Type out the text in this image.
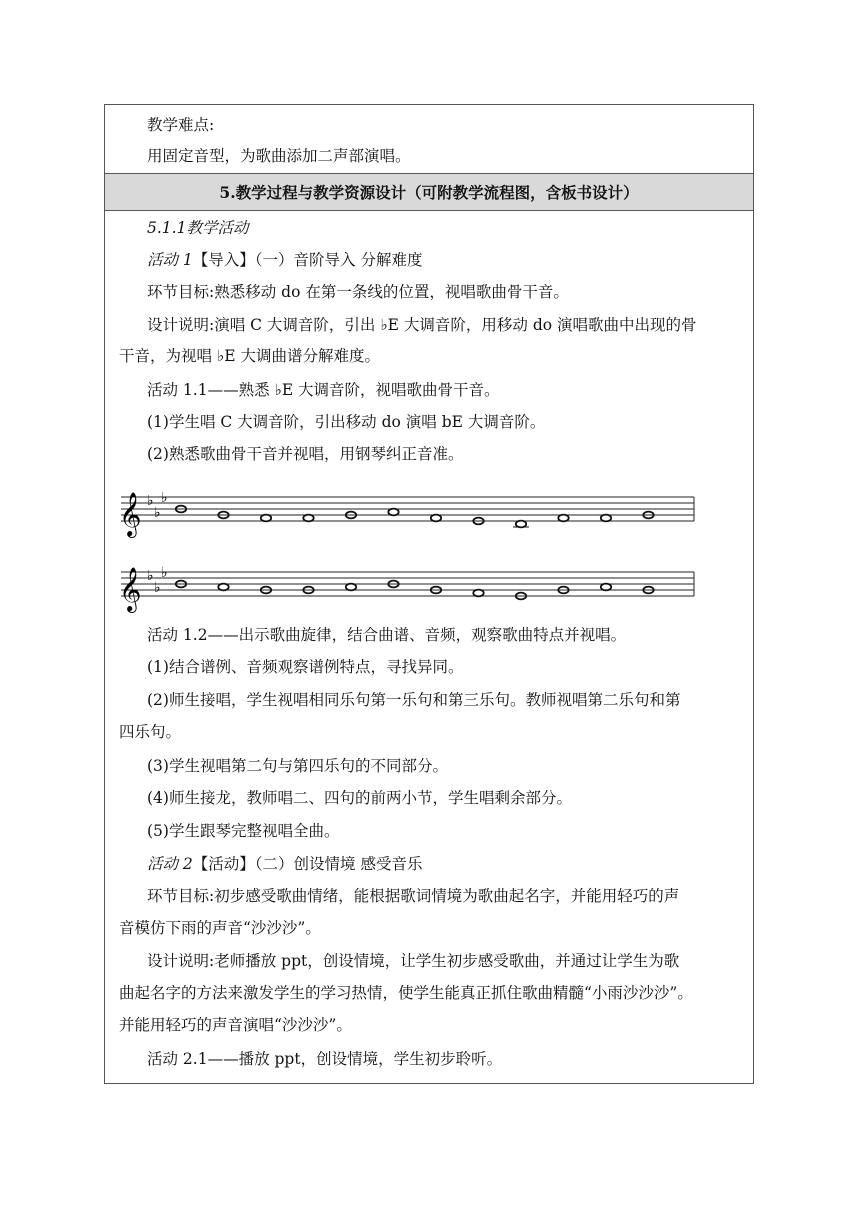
教学难点:
用固定音型，为歌曲添加二声部演唱。
5.教学过程与教学资源设计（可附教学流程图，含板书设计）
5.1.1教学活动
活动 1【导入】（一）音阶导入 分解难度
环节目标:熟悉移动 do 在第一条线的位置，视唱歌曲骨干音。
设计说明:演唱 C 大调音阶，引出 ♭E 大调音阶，用移动 do 演唱歌曲中出现的骨
干音，为视唱 ♭E 大调曲谱分解难度。
活动 1.1——熟悉 ♭E 大调音阶，视唱歌曲骨干音。
(1)学生唱 C 大调音阶，引出移动 do 演唱 bE 大调音阶。
(2)熟悉歌曲骨干音并视唱，用钢琴纠正音准。
𝄞 ♭
♭
♭
𝄞 ♭
♭
♭
活动 1.2——出示歌曲旋律，结合曲谱、音频，观察歌曲特点并视唱。
(1)结合谱例、音频观察谱例特点，寻找异同。
(2)师生接唱，学生视唱相同乐句第一乐句和第三乐句。教师视唱第二乐句和第
四乐句。
(3)学生视唱第二句与第四乐句的不同部分。
(4)师生接龙，教师唱二、四句的前两小节，学生唱剩余部分。
(5)学生跟琴完整视唱全曲。
活动 2【活动】（二）创设情境 感受音乐
环节目标:初步感受歌曲情绪，能根据歌词情境为歌曲起名字，并能用轻巧的声
音模仿下雨的声音“沙沙沙”。
设计说明:老师播放 ppt，创设情境，让学生初步感受歌曲，并通过让学生为歌
曲起名字的方法来激发学生的学习热情，使学生能真正抓住歌曲精髓“小雨沙沙沙”。
并能用轻巧的声音演唱“沙沙沙”。
活动 2.1——播放 ppt，创设情境，学生初步聆听。
